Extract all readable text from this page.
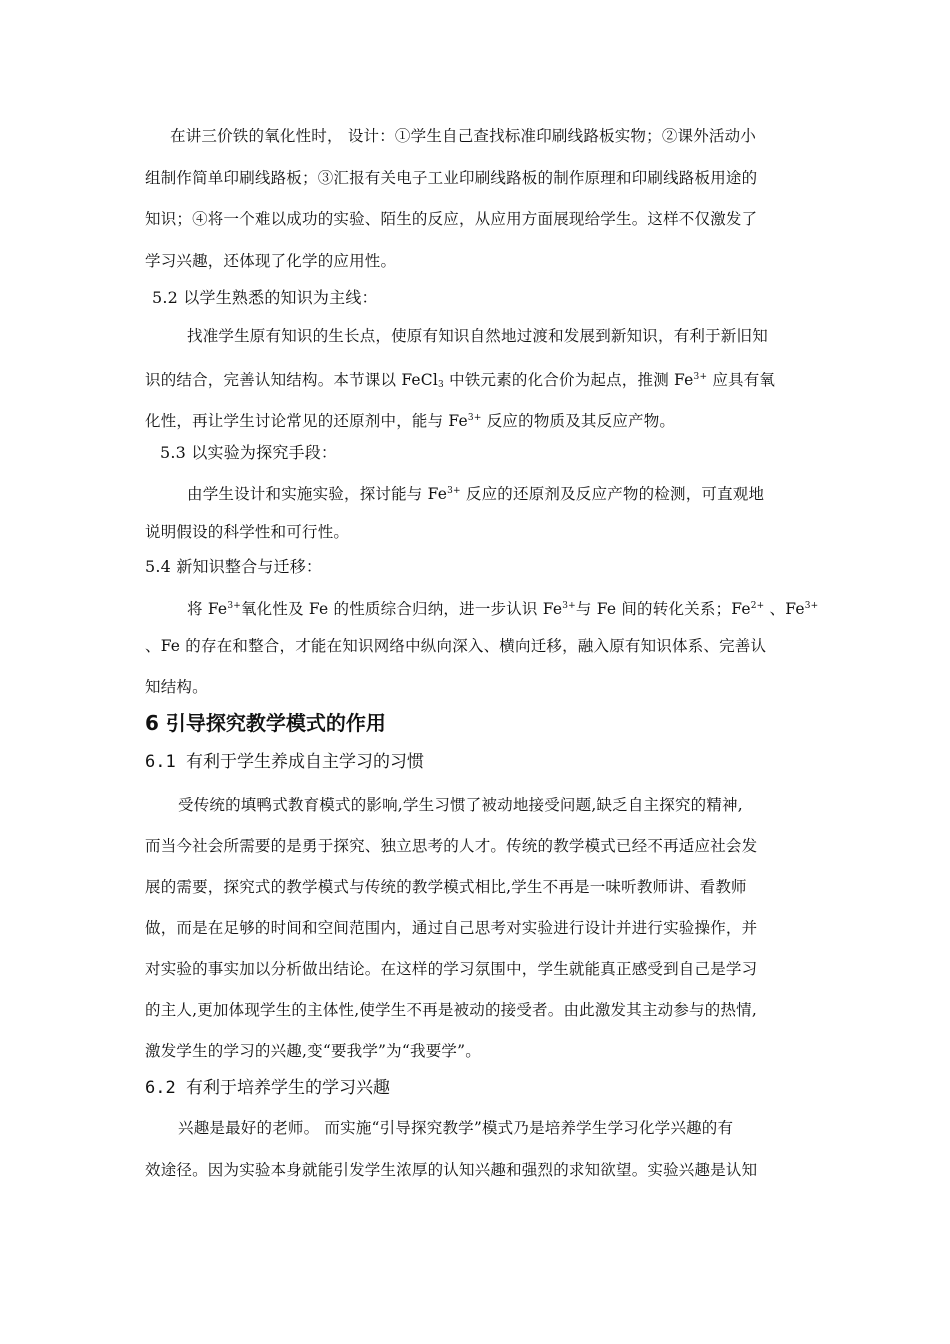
在讲三价铁的氧化性时， 设计：①学生自己查找标准印刷线路板实物；②课外活动小
组制作简单印刷线路板；③汇报有关电子工业印刷线路板的制作原理和印刷线路板用途的
知识；④将一个难以成功的实验、陌生的反应，从应用方面展现给学生。这样不仅激发了
学习兴趣，还体现了化学的应用性。
5.2 以学生熟悉的知识为主线：
找准学生原有知识的生长点，使原有知识自然地过渡和发展到新知识，有利于新旧知
识的结合，完善认知结构。本节课以 FeCl$_3$ 中铁元素的化合价为起点，推测 $Fe^{3+}$ 应具有氧
化性，再让学生讨论常见的还原剂中，能与 $Fe^{3+}$ 反应的物质及其反应产物。
5.3 以实验为探究手段：
由学生设计和实施实验，探讨能与 $Fe^{3+}$ 反应的还原剂及反应产物的检测，可直观地
说明假设的科学性和可行性。
5.4 新知识整合与迁移：
将 $Fe^{3+}$氧化性及 Fe 的性质综合归纳，进一步认识 $Fe^{3+}$与 Fe 间的转化关系；$Fe^{2+}$ 、$Fe^{3+}$
、Fe 的存在和整合，才能在知识网络中纵向深入、横向迁移，融入原有知识体系、完善认
知结构。
6 引导探究教学模式的作用
6.1 有利于学生养成自主学习的习惯
受传统的填鸭式教育模式的影响,学生习惯了被动地接受问题,缺乏自主探究的精神,
而当今社会所需要的是勇于探究、独立思考的人才。传统的教学模式已经不再适应社会发
展的需要，探究式的教学模式与传统的教学模式相比,学生不再是一味听教师讲、看教师
做，而是在足够的时间和空间范围内，通过自己思考对实验进行设计并进行实验操作，并
对实验的事实加以分析做出结论。在这样的学习氛围中，学生就能真正感受到自己是学习
的主人,更加体现学生的主体性,使学生不再是被动的接受者。由此激发其主动参与的热情,
激发学生的学习的兴趣,变“要我学”为“我要学”。
6.2 有利于培养学生的学习兴趣
兴趣是最好的老师。 而实施“引导探究教学”模式乃是培养学生学习化学兴趣的有
效途径。因为实验本身就能引发学生浓厚的认知兴趣和强烈的求知欲望。实验兴趣是认知
